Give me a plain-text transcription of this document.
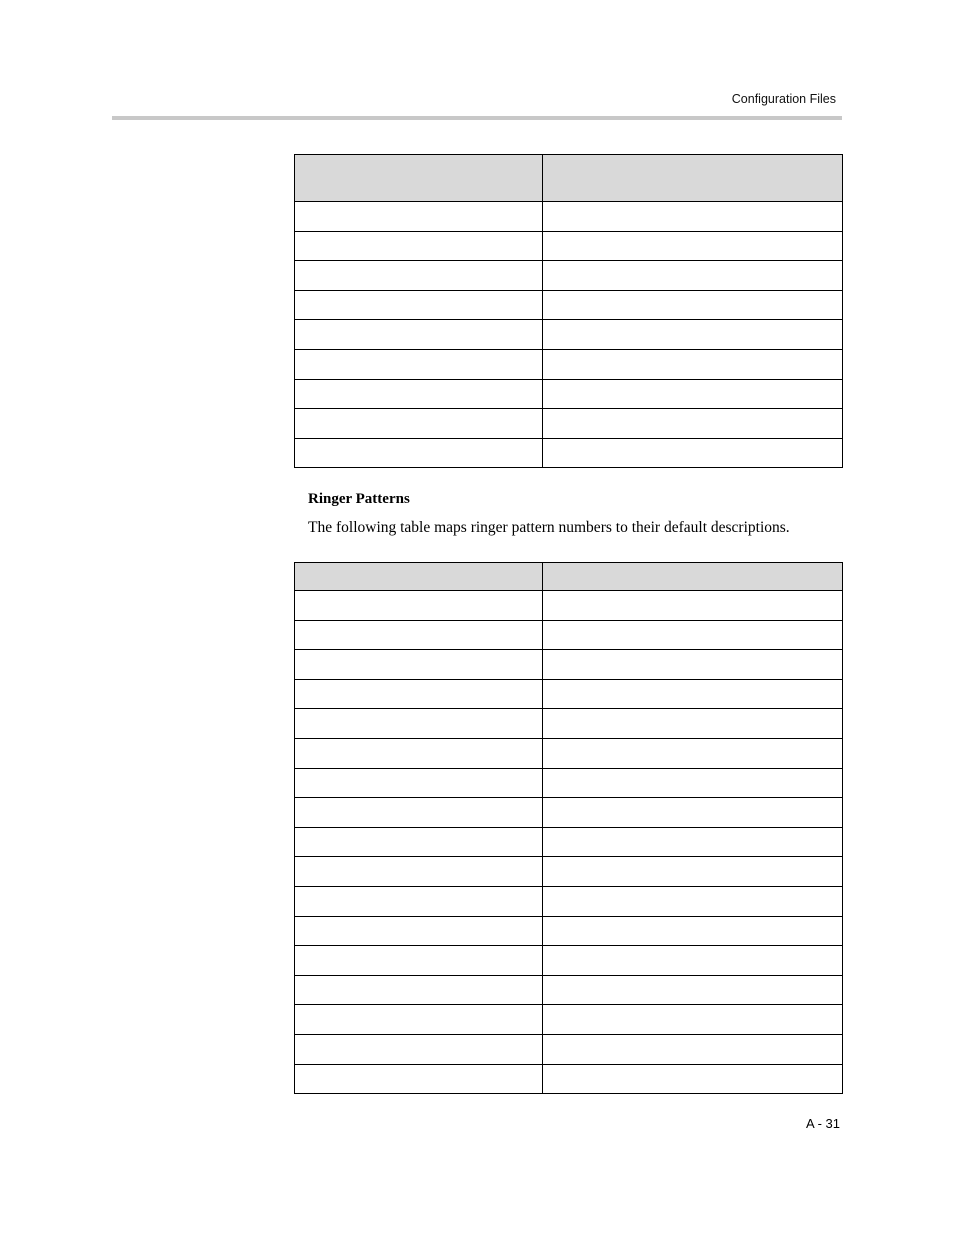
Configuration Files

Ringer Patterns
The following table maps ringer pattern numbers to their default descriptions.

A - 31
